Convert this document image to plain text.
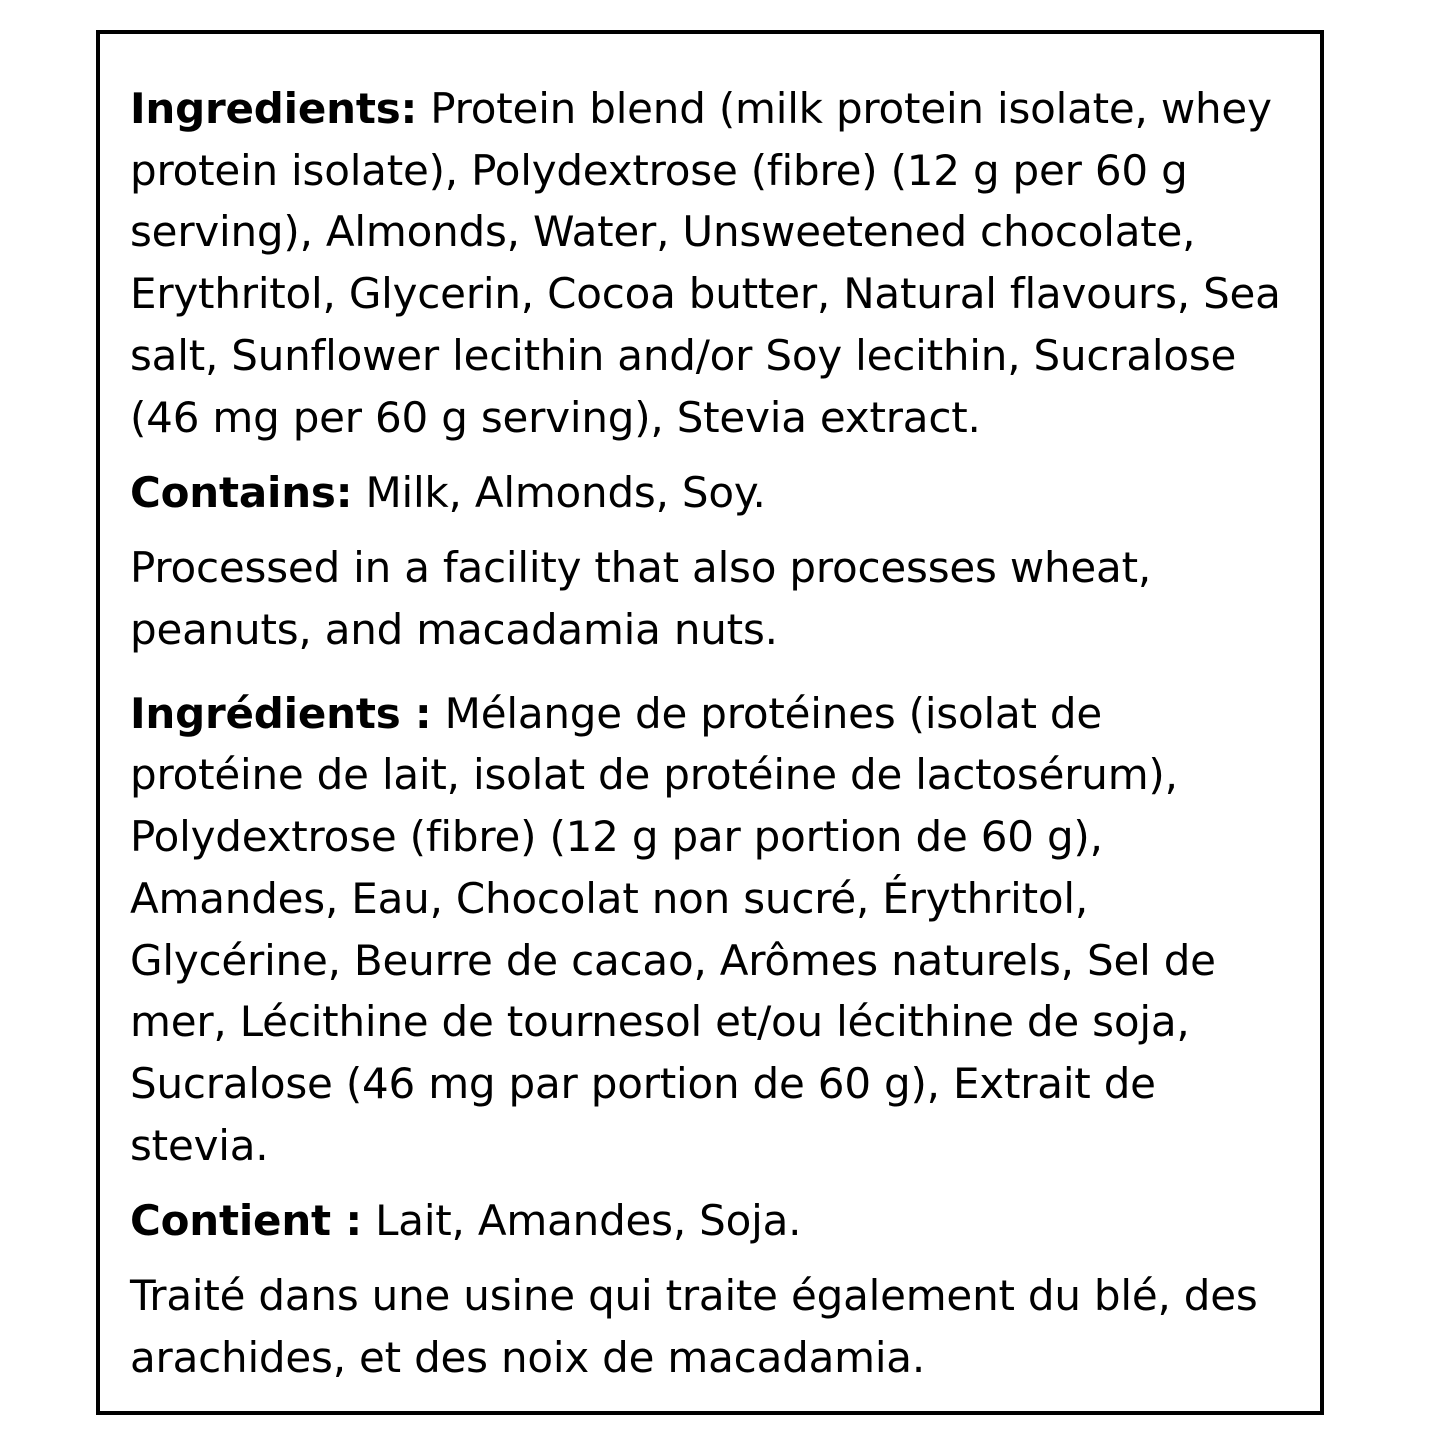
Ingredients: Protein blend (milk protein isolate, whey protein isolate), Polydextrose (fibre) (12 g per 60 g serving), Almonds, Water, Unsweetened chocolate, Erythritol, Glycerin, Cocoa butter, Natural flavours, Sea salt, Sunflower lecithin and/or Soy lecithin, Sucralose (46 mg per 60 g serving), Stevia extract.

Contains: Milk, Almonds, Soy.

Processed in a facility that also processes wheat, peanuts, and macadamia nuts.

Ingrédients : Mélange de protéines (isolat de protéine de lait, isolat de protéine de lactosérum), Polydextrose (fibre) (12 g par portion de 60 g), Amandes, Eau, Chocolat non sucré, Érythritol, Glycérine, Beurre de cacao, Arômes naturels, Sel de mer, Lécithine de tournesol et/ou lécithine de soja, Sucralose (46 mg par portion de 60 g), Extrait de stevia.

Contient : Lait, Amandes, Soja.

Traité dans une usine qui traite également du blé, des arachides, et des noix de macadamia.
